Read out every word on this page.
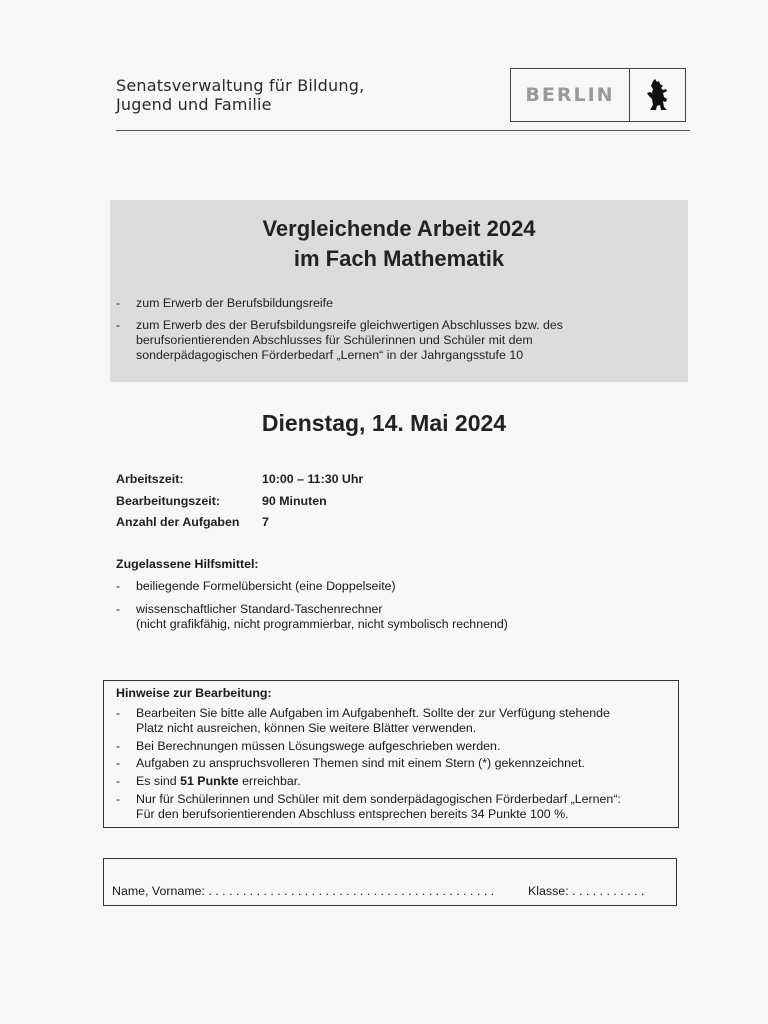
Senatsverwaltung für Bildung,
Jugend und Familie	BERLIN
Vergleichende Arbeit 2024
im Fach Mathematik
-	zum Erwerb der Berufsbildungsreife
-	zum Erwerb des der Berufsbildungsreife gleichwertigen Abschlusses bzw. des
berufsorientierenden Abschlusses für Schülerinnen und Schüler mit dem
sonderpädagogischen Förderbedarf „Lernen“ in der Jahrgangsstufe 10
Dienstag, 14. Mai 2024
Arbeitszeit:	10:00 – 11:30 Uhr
Bearbeitungszeit:	90 Minuten
Anzahl der Aufgaben 7
Zugelassene Hilfsmittel:
-	beiliegende Formelübersicht (eine Doppelseite)
-	wissenschaftlicher Standard-Taschenrechner
(nicht grafikfähig, nicht programmierbar, nicht symbolisch rechnend)
Hinweise zur Bearbeitung:
-	Bearbeiten Sie bitte alle Aufgaben im Aufgabenheft. Sollte der zur Verfügung stehende
Platz nicht ausreichen, können Sie weitere Blätter verwenden.
-	Bei Berechnungen müssen Lösungswege aufgeschrieben werden.
-	Aufgaben zu anspruchsvolleren Themen sind mit einem Stern (*) gekennzeichnet.
-	Es sind 51 Punkte erreichbar.
-	Nur für Schülerinnen und Schüler mit dem sonderpädagogischen Förderbedarf „Lernen“:
Für den berufsorientierenden Abschluss entsprechen bereits 34 Punkte 100 %.
Name, Vorname: . . . . . . . . . . . . . . . . . . . . . . . . . . . . . . . . . . . . . . . . . .	Klasse: . . . . . . . . . . .
